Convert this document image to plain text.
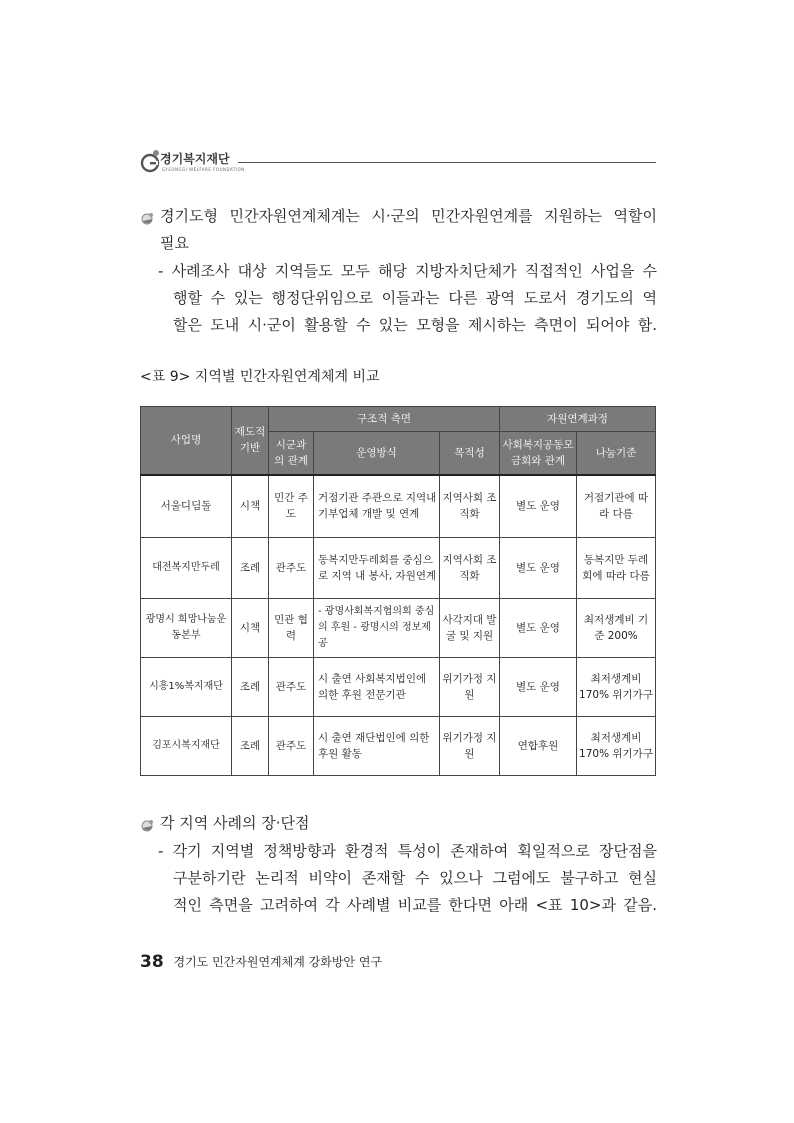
경기복지재단
GYEONGGI WELFARE FOUNDATION
경기도형 민간자원연계체계는 시·군의 민간자원연계를 지원하는 역할이
필요
- 사례조사 대상 지역들도 모두 해당 지방자치단체가 직접적인 사업을 수
행할 수 있는 행정단위임으로 이들과는 다른 광역 도로서 경기도의 역
할은 도내 시·군이 활용할 수 있는 모형을 제시하는 측면이 되어야 함.
<표 9> 지역별 민간자원연계체계 비교
사업명	제도적 기반	구조적 측면			자원연계과정	
		시군과의 관계	운영방식	목적성	사회복지공동모금회와 관계	나눔기준
서울디딤돌	시책	민간 주도	거점기관 주관으로 지역내 기부업체 개발 및 연계	지역사회 조직화	별도 운영	거점기관에 따라 다름
대전복지만두레	조례	관주도	동복지만두레회를 중심으로 지역 내 봉사, 자원연계	지역사회 조직화	별도 운영	동복지만 두레회에 따라 다름
광명시 희망나눔운동본부	시책	민관 협력	- 광명사회복지협의회 중심의 후원 - 광명시의 정보제공	사각지대 발굴 및 지원	별도 운영	최저생계비 기준 200%
시흥1%복지재단	조례	관주도	시 출연 사회복지법인에 의한 후원 전문기관	위기가정 지원	별도 운영	최저생계비 170% 위기가구
김포시복지재단	조례	관주도	시 출연 재단법인에 의한 후원 활동	위기가정 지원	연합후원	최저생계비 170% 위기가구
각 지역 사례의 장·단점
- 각기 지역별 정책방향과 환경적 특성이 존재하여 획일적으로 장단점을
구분하기란 논리적 비약이 존재할 수 있으나 그럼에도 불구하고 현실
적인 측면을 고려하여 각 사례별 비교를 한다면 아래 <표 10>과 같음.
38 경기도 민간자원연계체계 강화방안 연구
